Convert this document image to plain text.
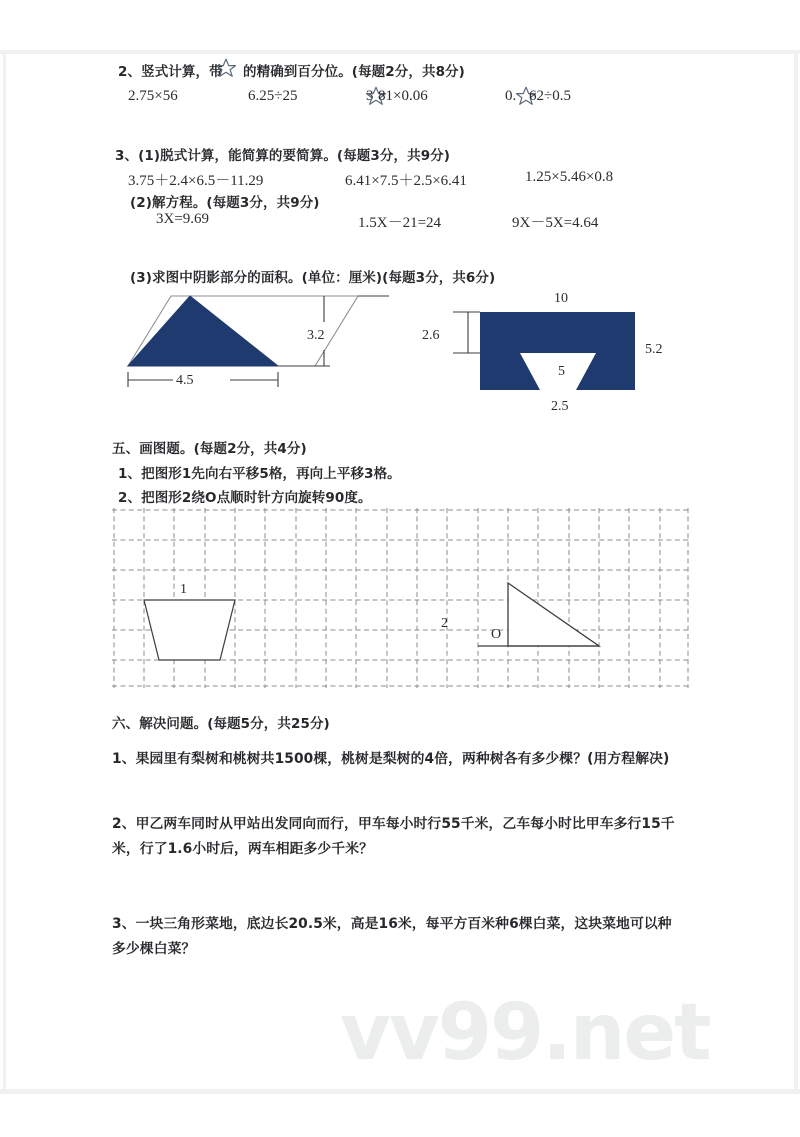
2、竖式计算，带 的精确到百分位。(每题2分，共8分)
2.75×56	6.25÷25	3 81×0.06	0. 62÷0.5
3、(1)脱式计算，能简算的要简算。(每题3分，共9分)
3.75＋2.4×6.5－11.29	6.41×7.5＋2.5×6.41	1.25×5.46×0.8
(2)解方程。(每题3分，共9分)
3X=9.69	1.5X－21=24	9X－5X=4.64
(3)求图中阴影部分的面积。(单位：厘米)(每题3分，共6分)
4.5
3.2
10
5.2
2.6
5
2.5
五、画图题。(每题2分，共4分)
1、把图形1先向右平移5格，再向上平移3格。
2、把图形2绕O点顺时针方向旋转90度。
1
2
O
六、解决问题。(每题5分，共25分)
1、果园里有梨树和桃树共1500棵，桃树是梨树的4倍，两种树各有多少棵？(用方程解决)
2、甲乙两车同时从甲站出发同向而行，甲车每小时行55千米，乙车每小时比甲车多行15千米，行了1.6小时后，两车相距多少千米？
3、一块三角形菜地，底边长20.5米，高是16米，每平方百米种6棵白菜，这块菜地可以种多少棵白菜？
vv99.net
